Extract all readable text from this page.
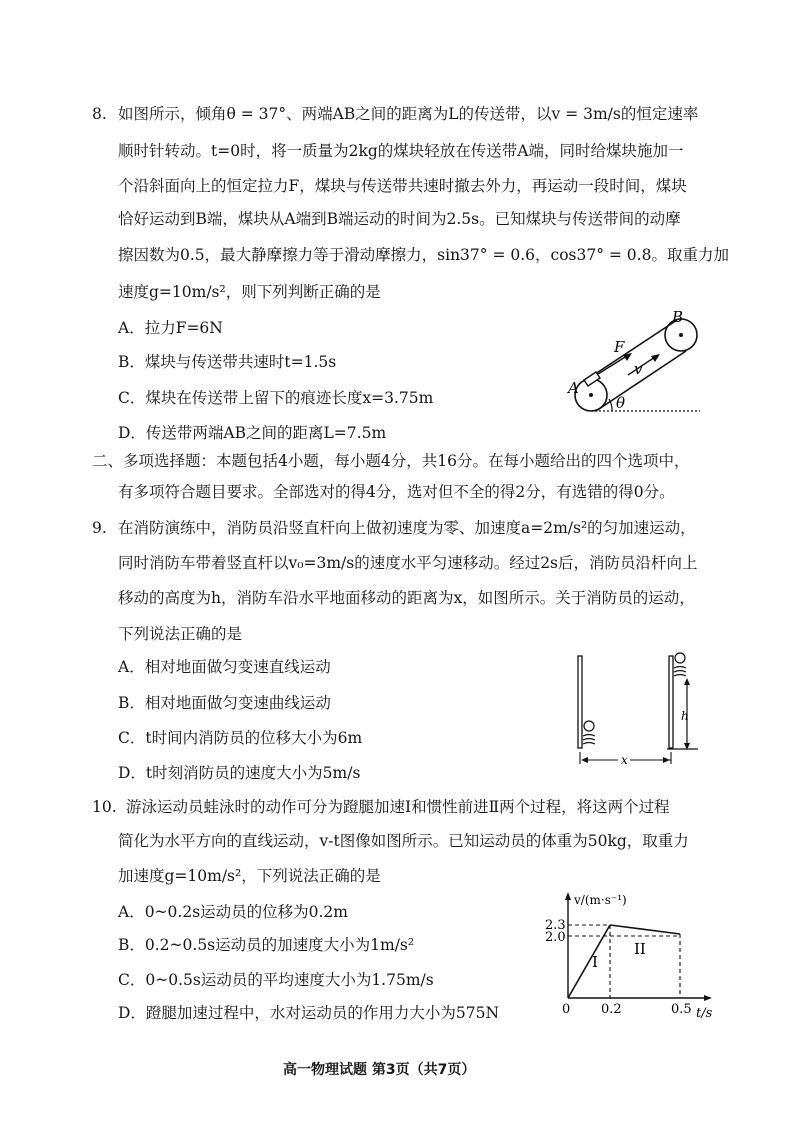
8. 如图所示，倾角θ = 37°、两端AB之间的距离为L的传送带，以v = 3m/s的恒定速率
顺时针转动。t=0时，将一质量为2kg的煤块轻放在传送带A端，同时给煤块施加一
个沿斜面向上的恒定拉力F，煤块与传送带共速时撤去外力，再运动一段时间，煤块
恰好运动到B端，煤块从A端到B端运动的时间为2.5s。已知煤块与传送带间的动摩
擦因数为0.5，最大静摩擦力等于滑动摩擦力，sin37° = 0.6，cos37° = 0.8。取重力加
速度g=10m/s²，则下列判断正确的是
A．拉力F=6N
B．煤块与传送带共速时t=1.5s
C．煤块在传送带上留下的痕迹长度x=3.75m
D．传送带两端AB之间的距离L=7.5m
B
A
F
v
θ
二、多项选择题：本题包括4小题，每小题4分，共16分。在每小题给出的四个选项中，
有多项符合题目要求。全部选对的得4分，选对但不全的得2分，有选错的得0分。
9. 在消防演练中，消防员沿竖直杆向上做初速度为零、加速度a=2m/s²的匀加速运动，
同时消防车带着竖直杆以v₀=3m/s的速度水平匀速移动。经过2s后，消防员沿杆向上
移动的高度为h，消防车沿水平地面移动的距离为x，如图所示。关于消防员的运动，
下列说法正确的是
A．相对地面做匀变速直线运动
B．相对地面做匀变速曲线运动
C．t时间内消防员的位移大小为6m
D．t时刻消防员的速度大小为5m/s
h
x
10. 游泳运动员蛙泳时的动作可分为蹬腿加速Ⅰ和惯性前进Ⅱ两个过程，将这两个过程
简化为水平方向的直线运动，v-t图像如图所示。已知运动员的体重为50kg，取重力
加速度g=10m/s²，下列说法正确的是
A．0~0.2s运动员的位移为0.2m
B．0.2~0.5s运动员的加速度大小为1m/s²
C．0~0.5s运动员的平均速度大小为1.75m/s
D．蹬腿加速过程中，水对运动员的作用力大小为575N
v/(m·s⁻¹)
2.3
2.0
0 0.2	0.5 t/s
I
II
高一物理试题 第3页（共7页）
